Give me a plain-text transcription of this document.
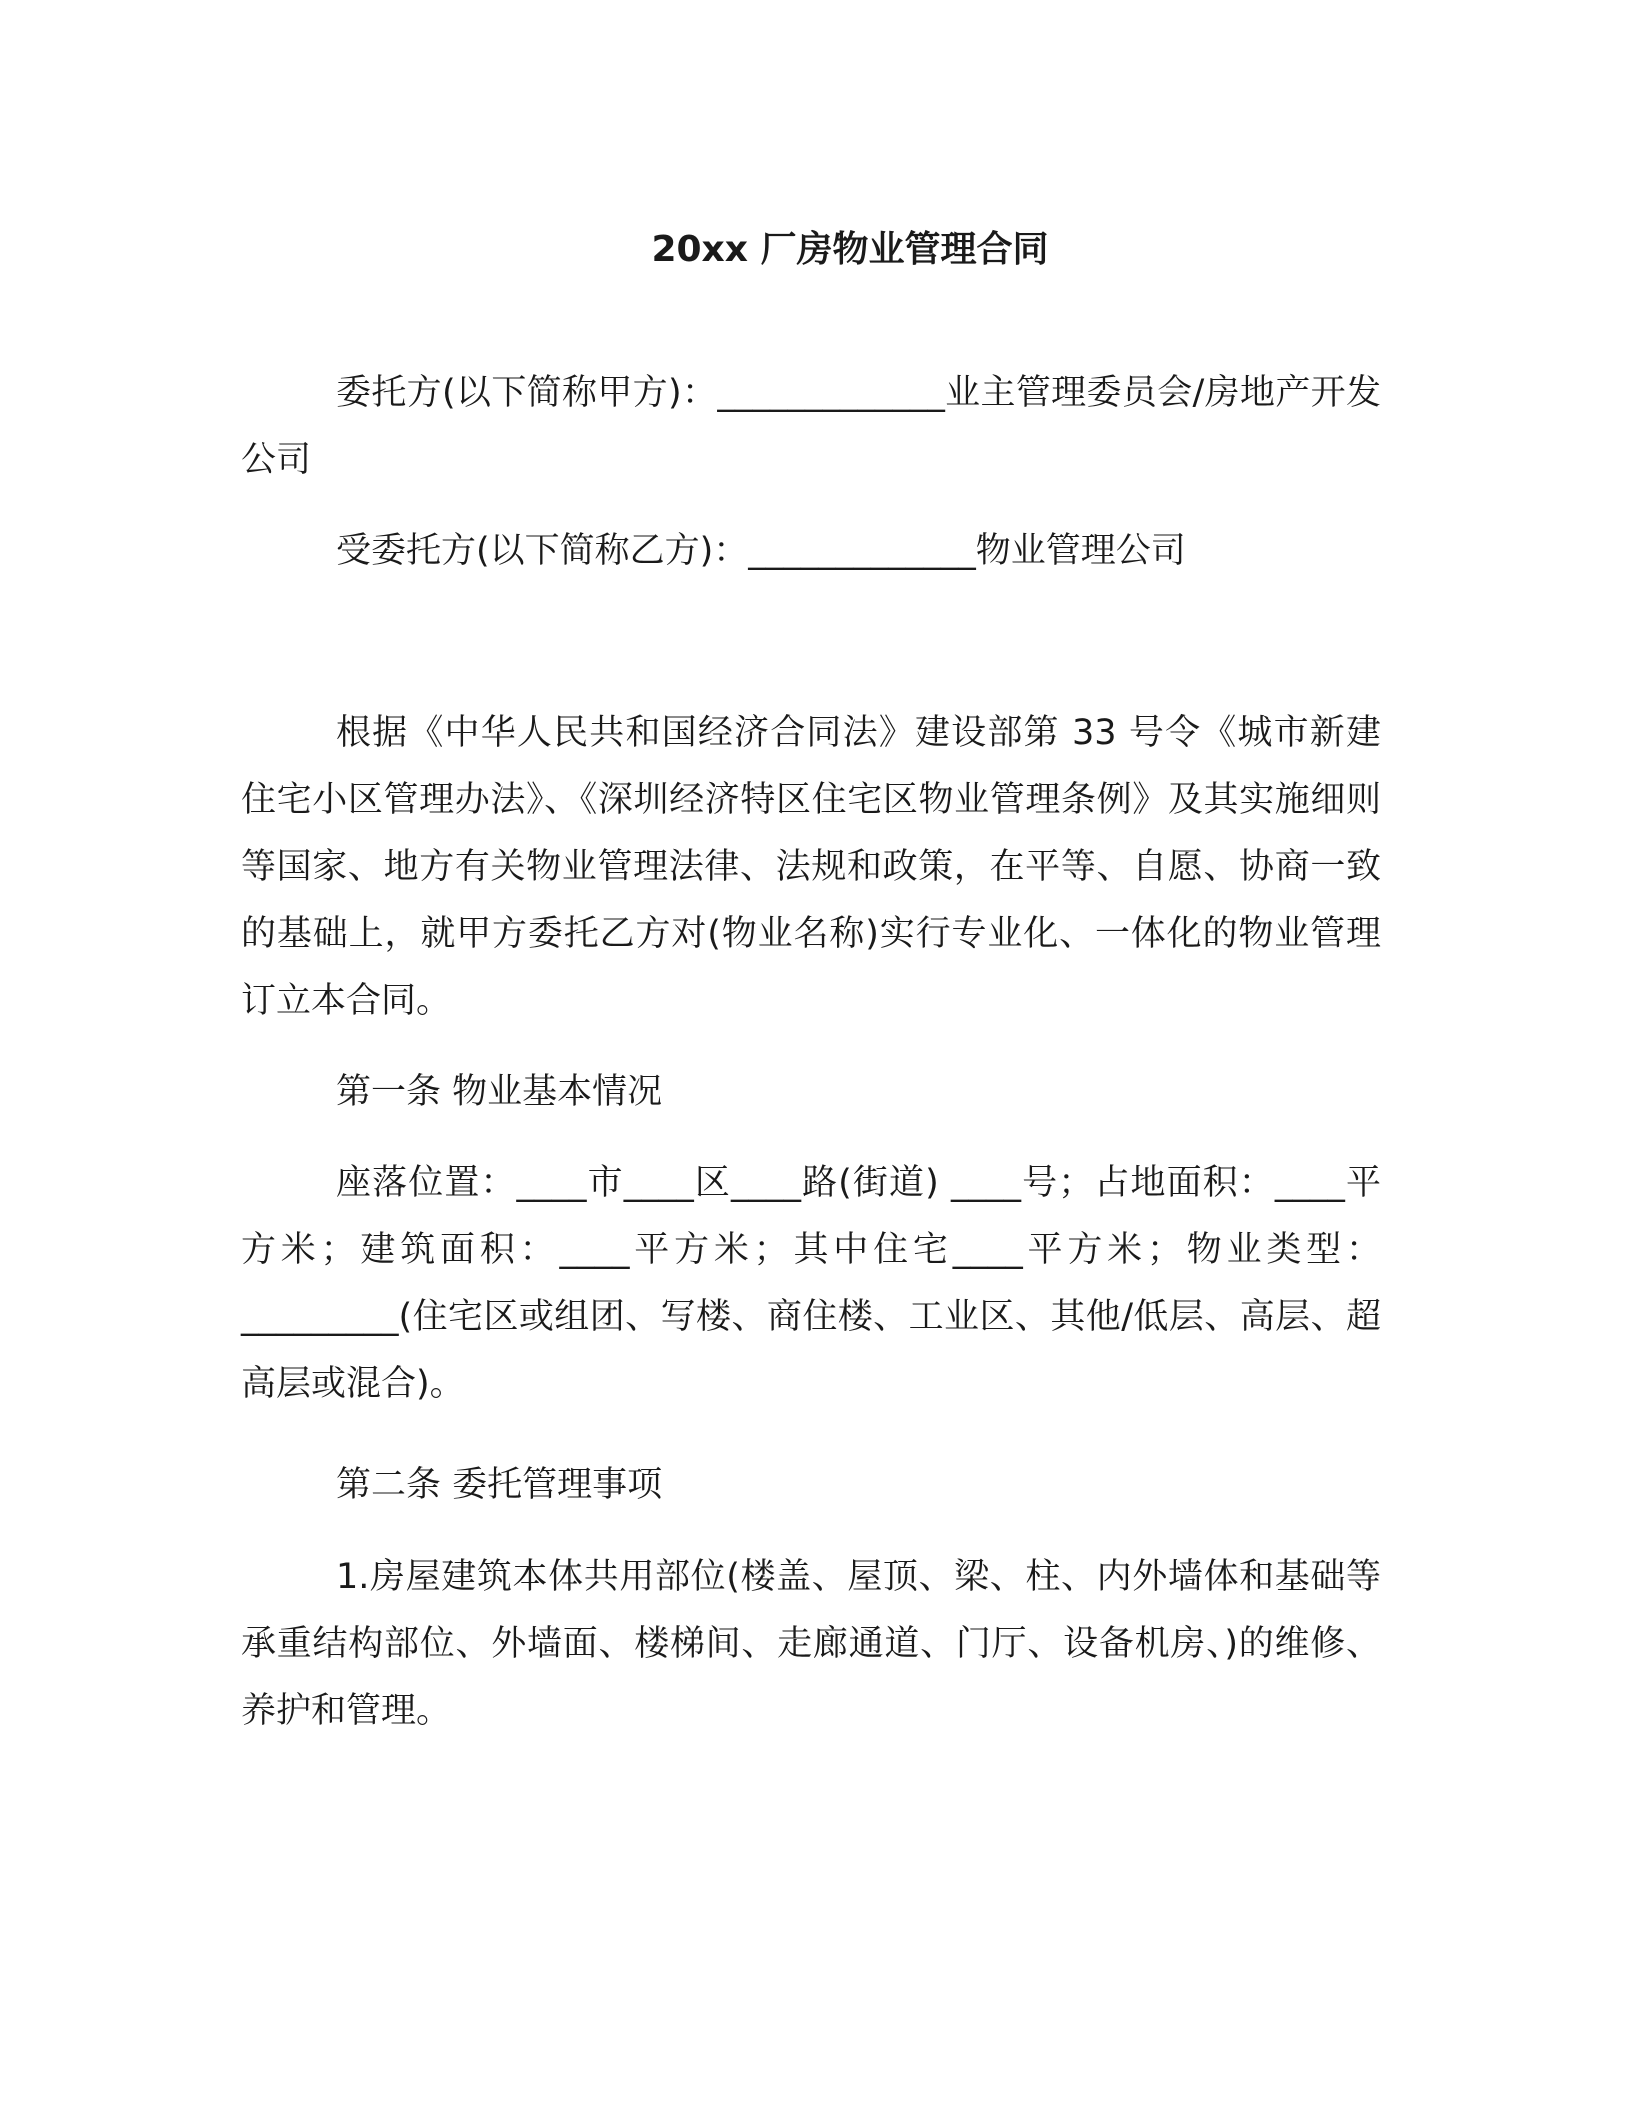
20xx 厂房物业管理合同

委托方(以下简称甲方)：_____________业主管理委员会/房地产开发公司

受委托方(以下简称乙方)：_____________物业管理公司

根据《中华人民共和国经济合同法》建设部第 33 号令《城市新建住宅小区管理办法》、《深圳经济特区住宅区物业管理条例》及其实施细则等国家、地方有关物业管理法律、法规和政策，在平等、自愿、协商一致的基础上，就甲方委托乙方对(物业名称)实行专业化、一体化的物业管理订立本合同。

第一条 物业基本情况

座落位置：____市____区____路(街道) ____号；占地面积：____平方米；建筑面积：____平方米；其中住宅____平方米；物业类型：_________(住宅区或组团、写楼、商住楼、工业区、其他/低层、高层、超高层或混合)。

第二条 委托管理事项

1.房屋建筑本体共用部位(楼盖、屋顶、梁、柱、内外墙体和基础等承重结构部位、外墙面、楼梯间、走廊通道、门厅、设备机房、)的维修、养护和管理。
